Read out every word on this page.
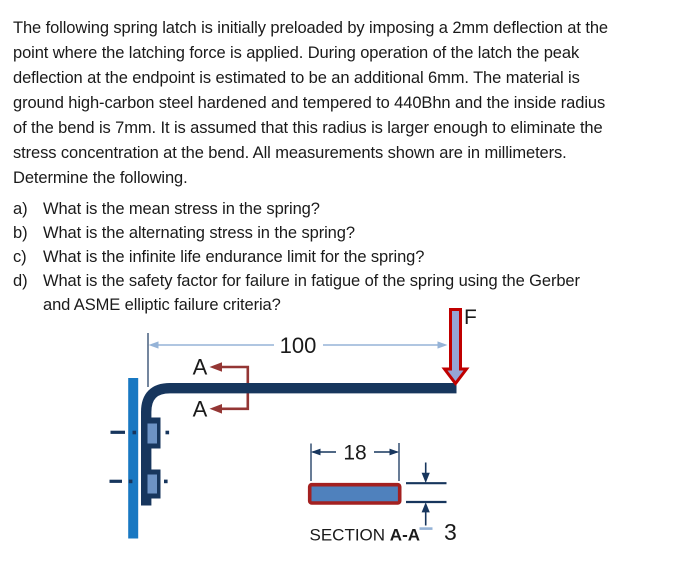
The following spring latch is initially preloaded by imposing a 2mm deflection at the
point where the latching force is applied. During operation of the latch the peak
deflection at the endpoint is estimated to be an additional 6mm. The material is
ground high-carbon steel hardened and tempered to 440Bhn and the inside radius
of the bend is 7mm. It is assumed that this radius is larger enough to eliminate the
stress concentration at the bend. All measurements shown are in millimeters.
Determine the following.
a) What is the mean stress in the spring?
b) What is the alternating stress in the spring?
c) What is the infinite life endurance limit for the spring?
d) What is the safety factor for failure in fatigue of the spring using the Gerber
and ASME elliptic failure criteria?
100
F
A
A
18
3
SECTION A-A
